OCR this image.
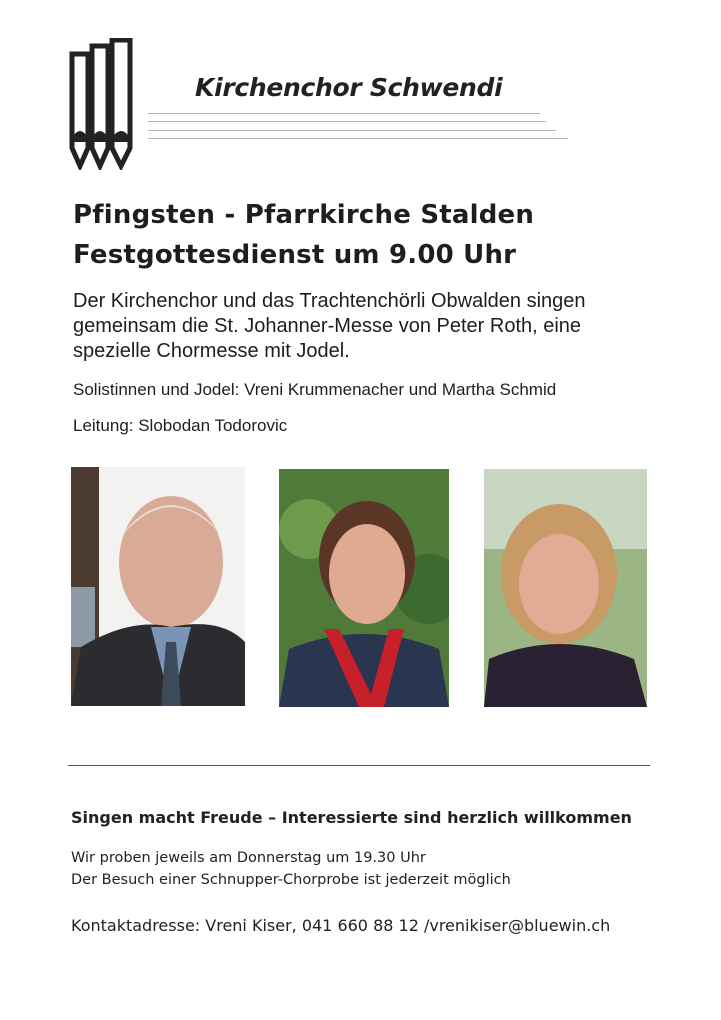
Kirchenchor Schwendi
Pfingsten - Pfarrkirche Stalden
Festgottesdienst um 9.00 Uhr
Der Kirchenchor und das Trachtenchörli Obwalden singen
gemeinsam die St. Johanner-Messe von Peter Roth, eine
spezielle Chormesse mit Jodel.
Solistinnen und Jodel: Vreni Krummenacher und Martha Schmid
Leitung: Slobodan Todorovic
Singen macht Freude – Interessierte sind herzlich willkommen
Wir proben jeweils am Donnerstag um 19.30 Uhr
Der Besuch einer Schnupper-Chorprobe ist jederzeit möglich
Kontaktadresse: Vreni Kiser, 041 660 88 12 /vrenikiser@bluewin.ch
